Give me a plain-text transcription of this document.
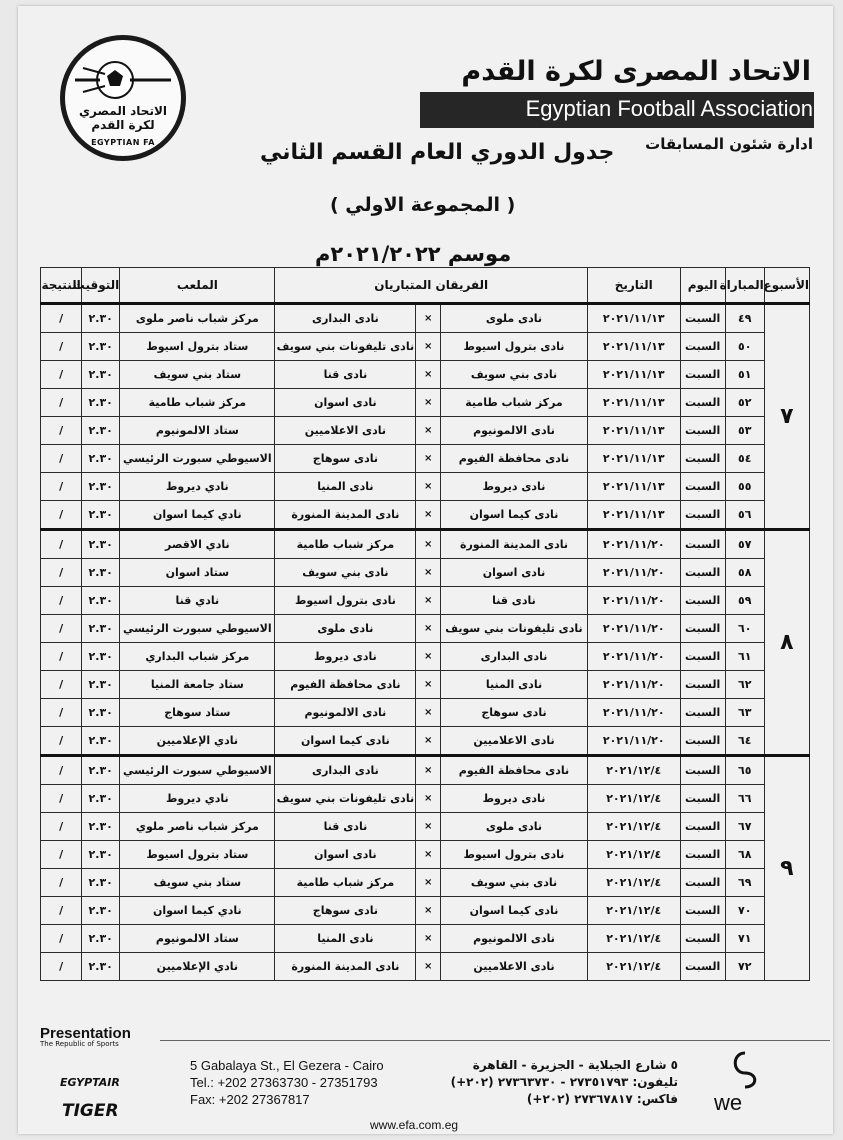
الاتحاد المصري لكرة القدم
EGYPTIAN FA
الاتحاد المصرى لكرة القدم
Egyptian Football Association
ادارة شئون المسابقات
جدول الدوري العام القسم الثاني
( المجموعة الاولي )
موسم ٢٠٢١/٢٠٢٢م
الأسبوع	المباراة	اليوم	التاريخ	الفريقان المتباريان			الملعب	التوقيت	النتيجة
٧	٤٩	السبت	٢٠٢١/١١/١٣	نادى ملوى	×	نادى البدارى	مركز شباب ناصر ملوى	٢.٣٠	/
	٥٠	السبت	٢٠٢١/١١/١٣	نادى بترول اسيوط	×	نادى تليفونات بني سويف	ستاد بترول اسيوط	٢.٣٠	/
	٥١	السبت	٢٠٢١/١١/١٣	نادى بني سويف	×	نادى قنا	ستاد بني سويف	٢.٣٠	/
	٥٢	السبت	٢٠٢١/١١/١٣	مركز شباب طامية	×	نادى اسوان	مركز شباب طامية	٢.٣٠	/
	٥٣	السبت	٢٠٢١/١١/١٣	نادى الالمونيوم	×	نادى الاعلاميين	ستاد الالمونيوم	٢.٣٠	/
	٥٤	السبت	٢٠٢١/١١/١٣	نادى محافظة الفيوم	×	نادى سوهاج	الاسيوطي سبورت الرئيسي	٢.٣٠	/
	٥٥	السبت	٢٠٢١/١١/١٣	نادى ديروط	×	نادى المنيا	نادي ديروط	٢.٣٠	/
	٥٦	السبت	٢٠٢١/١١/١٣	نادى كيما اسوان	×	نادى المدينة المنورة	نادي كيما اسوان	٢.٣٠	/
٨	٥٧	السبت	٢٠٢١/١١/٢٠	نادى المدينة المنورة	×	مركز شباب طامية	نادي الاقصر	٢.٣٠	/
	٥٨	السبت	٢٠٢١/١١/٢٠	نادى اسوان	×	نادى بني سويف	ستاد اسوان	٢.٣٠	/
	٥٩	السبت	٢٠٢١/١١/٢٠	نادى قنا	×	نادى بترول اسيوط	نادي قنا	٢.٣٠	/
	٦٠	السبت	٢٠٢١/١١/٢٠	نادى تليفونات بني سويف	×	نادى ملوى	الاسيوطي سبورت الرئيسي	٢.٣٠	/
	٦١	السبت	٢٠٢١/١١/٢٠	نادى البدارى	×	نادى ديروط	مركز شباب البداري	٢.٣٠	/
	٦٢	السبت	٢٠٢١/١١/٢٠	نادى المنيا	×	نادى محافظة الفيوم	ستاد جامعة المنيا	٢.٣٠	/
	٦٣	السبت	٢٠٢١/١١/٢٠	نادى سوهاج	×	نادى الالمونيوم	ستاد سوهاج	٢.٣٠	/
	٦٤	السبت	٢٠٢١/١١/٢٠	نادى الاعلاميين	×	نادى كيما اسوان	نادي الإعلاميين	٢.٣٠	/
٩	٦٥	السبت	٢٠٢١/١٢/٤	نادى محافظة الفيوم	×	نادى البدارى	الاسيوطي سبورت الرئيسي	٢.٣٠	/
	٦٦	السبت	٢٠٢١/١٢/٤	نادى ديروط	×	نادى تليفونات بني سويف	نادي ديروط	٢.٣٠	/
	٦٧	السبت	٢٠٢١/١٢/٤	نادى ملوى	×	نادى قنا	مركز شباب ناصر ملوي	٢.٣٠	/
	٦٨	السبت	٢٠٢١/١٢/٤	نادى بترول اسيوط	×	نادى اسوان	ستاد بترول اسيوط	٢.٣٠	/
	٦٩	السبت	٢٠٢١/١٢/٤	نادى بني سويف	×	مركز شباب طامية	ستاد بني سويف	٢.٣٠	/
	٧٠	السبت	٢٠٢١/١٢/٤	نادى كيما اسوان	×	نادى سوهاج	نادي كيما اسوان	٢.٣٠	/
	٧١	السبت	٢٠٢١/١٢/٤	نادى الالمونيوم	×	نادى المنيا	ستاد الالمونيوم	٢.٣٠	/
	٧٢	السبت	٢٠٢١/١٢/٤	نادى الاعلاميين	×	نادى المدينة المنورة	نادي الإعلاميين	٢.٣٠	/
Presentation
The Republic of Sports
EGYPTAIR
TIGER
5 Gabalaya St., El Gezera - Cairo
Tel.: +202 27363730 - 27351793
Fax: +202 27367817
٥ شارع الجبلاية - الجزيرة - القاهرة
تليفون: ٢٧٣٥١٧٩٣ - ٢٧٣٦٣٧٣٠ (٢٠٢+)
فاكس: ٢٧٣٦٧٨١٧ (٢٠٢+)
www.efa.com.eg
we
